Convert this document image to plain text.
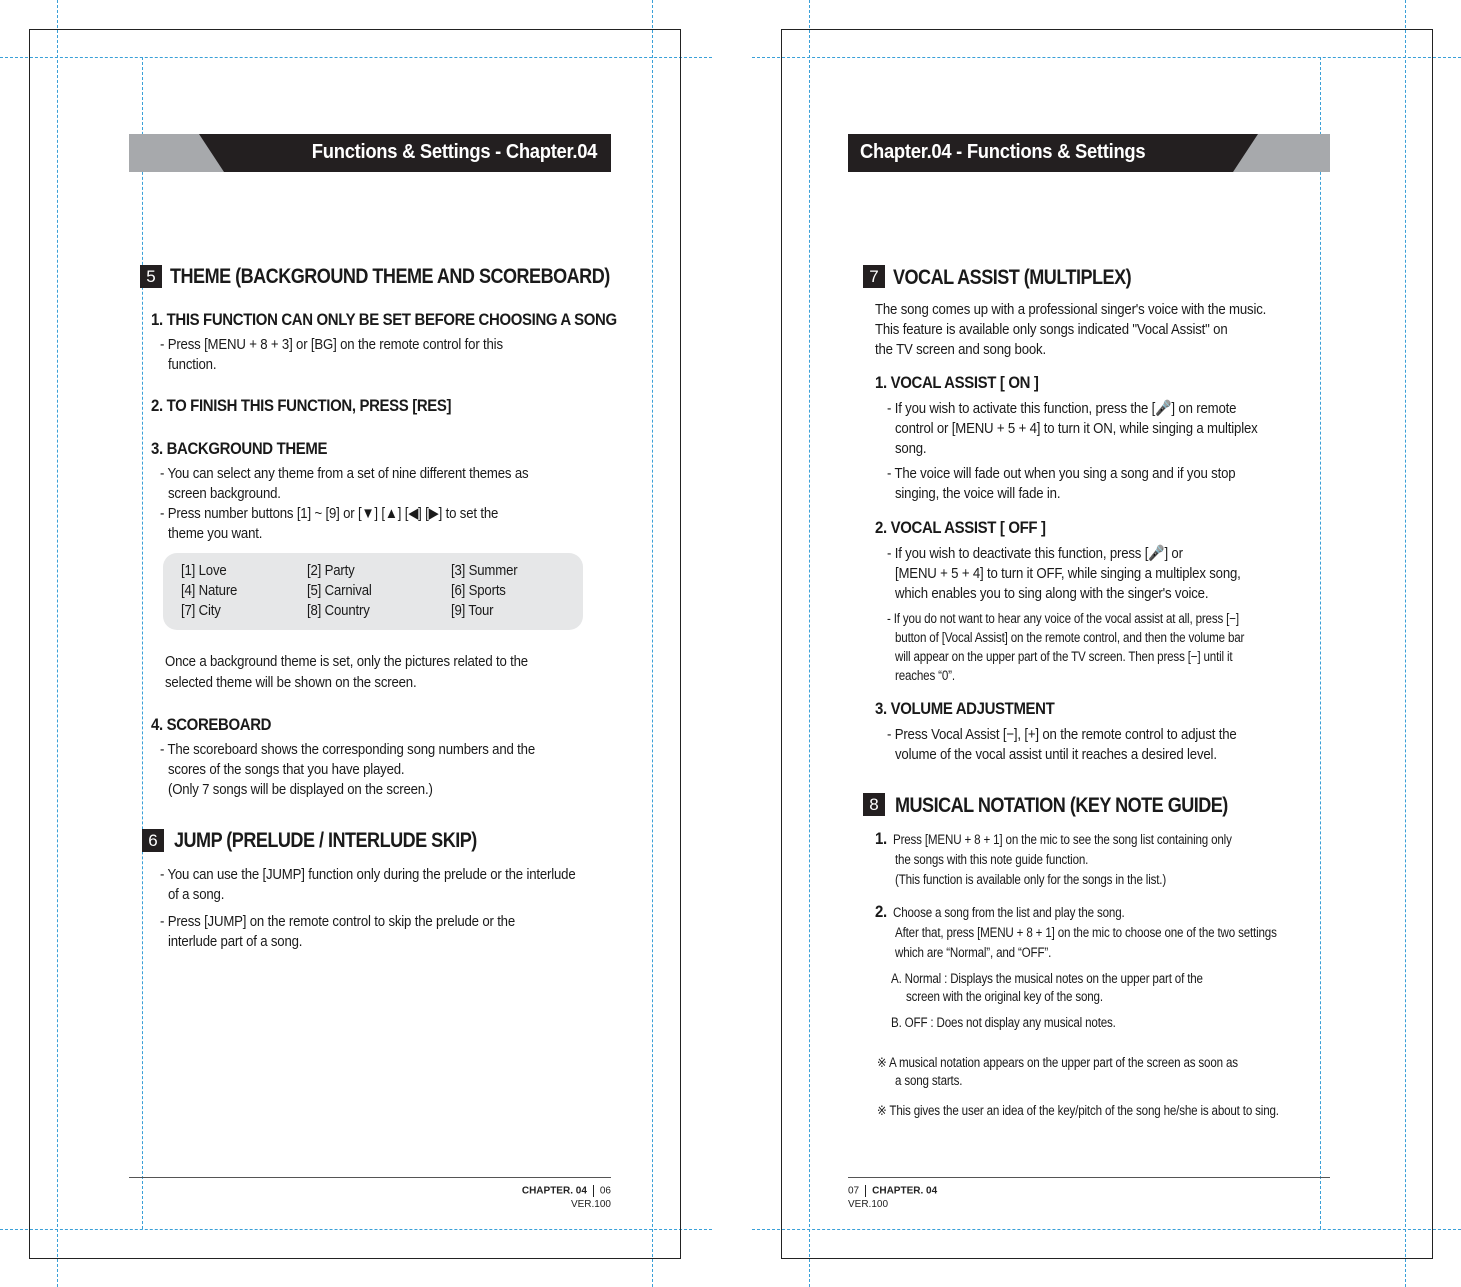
Functions & Settings - Chapter.04
5 THEME (BACKGROUND THEME AND SCOREBOARD)
1. THIS FUNCTION CAN ONLY BE SET BEFORE CHOOSING A SONG
- Press [MENU + 8 + 3] or [BG] on the remote control for this
function.
2. TO FINISH THIS FUNCTION, PRESS [RES]
3. BACKGROUND THEME
- You can select any theme from a set of nine different themes as
screen background.
- Press number buttons [1] ~ [9] or [▼] [▲] [◀] [▶] to set the
theme you want.
[1] Love	[2] Party	[3] Summer
[4] Nature	[5] Carnival	[6] Sports
[7] City	[8] Country	[9] Tour
Once a background theme is set, only the pictures related to the
selected theme will be shown on the screen.
4. SCOREBOARD
- The scoreboard shows the corresponding song numbers and the
scores of the songs that you have played.
(Only 7 songs will be displayed on the screen.)
6 JUMP (PRELUDE / INTERLUDE SKIP)
- You can use the [JUMP] function only during the prelude or the interlude
of a song.
- Press [JUMP] on the remote control to skip the prelude or the
interlude part of a song.
CHAPTER. 04 06
VER.100
Chapter.04 - Functions & Settings
7 VOCAL ASSIST (MULTIPLEX)
The song comes up with a professional singer's voice with the music.
This feature is available only songs indicated "Vocal Assist" on
the TV screen and song book.
1. VOCAL ASSIST [ ON ]
- If you wish to activate this function, press the [🎤] on remote
control or [MENU + 5 + 4] to turn it ON, while singing a multiplex
song.
- The voice will fade out when you sing a song and if you stop
singing, the voice will fade in.
2. VOCAL ASSIST [ OFF ]
- If you wish to deactivate this function, press [🎤] or
[MENU + 5 + 4] to turn it OFF, while singing a multiplex song,
which enables you to sing along with the singer's voice.
- If you do not want to hear any voice of the vocal assist at all, press [−]
button of [Vocal Assist] on the remote control, and then the volume bar
will appear on the upper part of the TV screen. Then press [−] until it
reaches “0”.
3. VOLUME ADJUSTMENT
- Press Vocal Assist [−], [+] on the remote control to adjust the
volume of the vocal assist until it reaches a desired level.
8 MUSICAL NOTATION (KEY NOTE GUIDE)
1. Press [MENU + 8 + 1] on the mic to see the song list containing only
the songs with this note guide function.
(This function is available only for the songs in the list.)
2. Choose a song from the list and play the song.
After that, press [MENU + 8 + 1] on the mic to choose one of the two settings
which are “Normal”, and “OFF”.
A. Normal : Displays the musical notes on the upper part of the
screen with the original key of the song.
B. OFF : Does not display any musical notes.
※ A musical notation appears on the upper part of the screen as soon as
a song starts.
※ This gives the user an idea of the key/pitch of the song he/she is about to sing.
07 CHAPTER. 04
VER.100
